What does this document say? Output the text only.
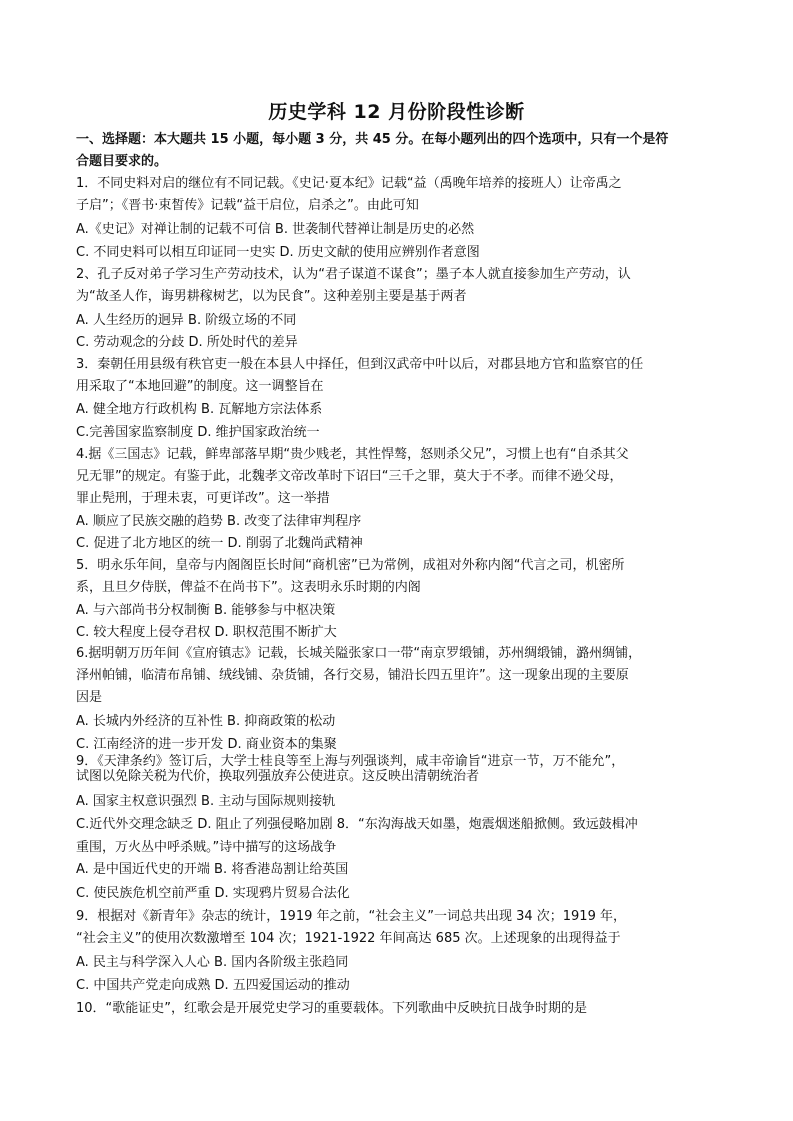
历史学科 12 月份阶段性诊断
一、选择题：本大题共 15 小题，每小题 3 分，共 45 分。在每小题列出的四个选项中，只有一个是符
合题目要求的。
1．不同史料对启的继位有不同记载。《史记·夏本纪》记载“益（禹晚年培养的接班人）让帝禹之
子启”；《晋书·束皙传》记载“益干启位，启杀之”。由此可知
A.《史记》对禅让制的记载不可信 B. 世袭制代替禅让制是历史的必然
C. 不同史料可以相互印证同一史实 D. 历史文献的使用应辨别作者意图
2、孔子反对弟子学习生产劳动技术，认为“君子谋道不谋食”；墨子本人就直接参加生产劳动，认
为“故圣人作，诲男耕稼树艺，以为民食”。这种差别主要是基于两者
A. 人生经历的迥异 B. 阶级立场的不同
C. 劳动观念的分歧 D. 所处时代的差异
3．秦朝任用县级有秩官吏一般在本县人中择任，但到汉武帝中叶以后，对郡县地方官和监察官的任
用采取了“本地回避”的制度。这一调整旨在
A. 健全地方行政机构 B. 瓦解地方宗法体系
C.完善国家监察制度 D. 维护国家政治统一
4.据《三国志》记载，鲜卑部落早期“贵少贱老，其性悍骜，怒则杀父兄”，习惯上也有“自杀其父
兄无罪”的规定。有鉴于此，北魏孝文帝改革时下诏曰“三千之罪，莫大于不孝。而律不逊父母，
罪止髡刑，于理未衷，可更详改”。这一举措
A. 顺应了民族交融的趋势 B. 改变了法律审判程序
C. 促进了北方地区的统一 D. 削弱了北魏尚武精神
5．明永乐年间，皇帝与内阁阁臣长时间“商机密”已为常例，成祖对外称内阁“代言之司，机密所
系，且旦夕侍朕，俾益不在尚书下”。这表明永乐时期的内阁
A. 与六部尚书分权制衡 B. 能够参与中枢决策
C. 较大程度上侵夺君权 D. 职权范围不断扩大
6.据明朝万历年间《宣府镇志》记载，长城关隘张家口一带“南京罗缎铺，苏州绸缎铺，潞州绸铺，
泽州帕铺，临清布帛铺、绒线铺、杂货铺，各行交易，铺沿长四五里许”。这一现象出现的主要原
因是
A. 长城内外经济的互补性 B. 抑商政策的松动
C. 江南经济的进一步开发 D. 商业资本的集聚
9．《天津条约》签订后，大学士桂良等至上海与列强谈判，咸丰帝谕旨“进京一节，万不能允”，
试图以免除关税为代价，换取列强放弃公使进京。这反映出清朝统治者
A. 国家主权意识强烈 B. 主动与国际规则接轨
C.近代外交理念缺乏 D. 阻止了列强侵略加剧 8．“东沟海战天如墨，炮震烟迷船掀侧。致远鼓楫冲
重围，万火丛中呼杀贼。”诗中描写的这场战争
A. 是中国近代史的开端 B. 将香港岛割让给英国
C. 使民族危机空前严重 D. 实现鸦片贸易合法化
9．根据对《新青年》杂志的统计，1919 年之前，“社会主义”一词总共出现 34 次；1919 年，
“社会主义”的使用次数激增至 104 次；1921-1922 年间高达 685 次。上述现象的出现得益于
A. 民主与科学深入人心 B. 国内各阶级主张趋同
C. 中国共产党走向成熟 D. 五四爱国运动的推动
10．“歌能证史”，红歌会是开展党史学习的重要载体。下列歌曲中反映抗日战争时期的是
